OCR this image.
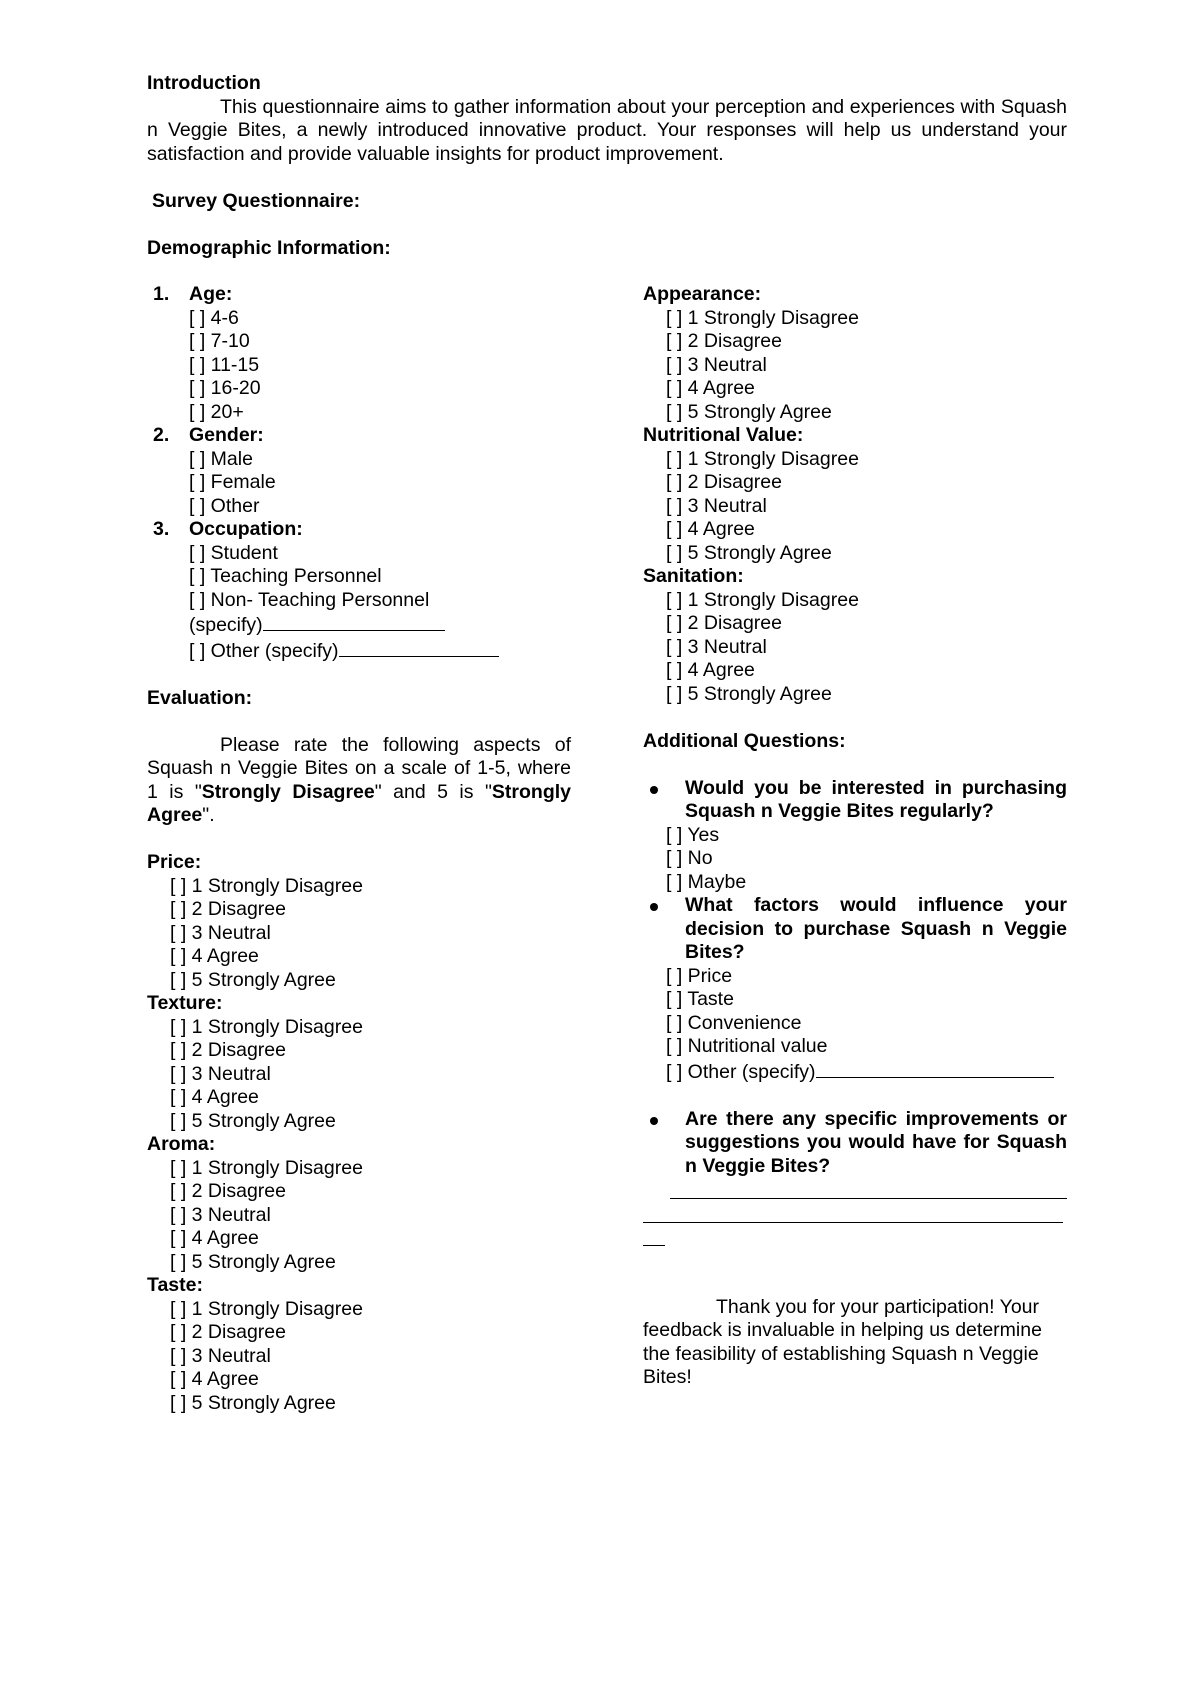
Introduction
This questionnaire aims to gather information about your perception and experiences with Squash n Veggie Bites, a newly introduced innovative product. Your responses will help us understand your satisfaction and provide valuable insights for product improvement.
Survey Questionnaire:
Demographic Information:
1. Age:
[ ] 4-6
[ ] 7-10
[ ] 11-15
[ ] 16-20
[ ] 20+
2. Gender:
[ ] Male
[ ] Female
[ ] Other
3. Occupation:
[ ] Student
[ ] Teaching Personnel
[ ] Non- Teaching Personnel
(specify)
[ ] Other (specify)
Evaluation:
Please rate the following aspects of Squash n Veggie Bites on a scale of 1-5, where 1 is "Strongly Disagree" and 5 is "Strongly Agree".
Price:
[ ] 1 Strongly Disagree
[ ] 2 Disagree
[ ] 3 Neutral
[ ] 4 Agree
[ ] 5 Strongly Agree
Texture:
[ ] 1 Strongly Disagree
[ ] 2 Disagree
[ ] 3 Neutral
[ ] 4 Agree
[ ] 5 Strongly Agree
Aroma:
[ ] 1 Strongly Disagree
[ ] 2 Disagree
[ ] 3 Neutral
[ ] 4 Agree
[ ] 5 Strongly Agree
Taste:
[ ] 1 Strongly Disagree
[ ] 2 Disagree
[ ] 3 Neutral
[ ] 4 Agree
[ ] 5 Strongly Agree
Appearance:
[ ] 1 Strongly Disagree
[ ] 2 Disagree
[ ] 3 Neutral
[ ] 4 Agree
[ ] 5 Strongly Agree
Nutritional Value:
[ ] 1 Strongly Disagree
[ ] 2 Disagree
[ ] 3 Neutral
[ ] 4 Agree
[ ] 5 Strongly Agree
Sanitation:
[ ] 1 Strongly Disagree
[ ] 2 Disagree
[ ] 3 Neutral
[ ] 4 Agree
[ ] 5 Strongly Agree
Additional Questions:
Would you be interested in purchasing Squash n Veggie Bites regularly?
[ ] Yes
[ ] No
[ ] Maybe
What factors would influence your decision to purchase Squash n Veggie Bites?
[ ] Price
[ ] Taste
[ ] Convenience
[ ] Nutritional value
[ ] Other (specify)
Are there any specific improvements or suggestions you would have for Squash n Veggie Bites?
Thank you for your participation! Your feedback is invaluable in helping us determine the feasibility of establishing Squash n Veggie Bites!
